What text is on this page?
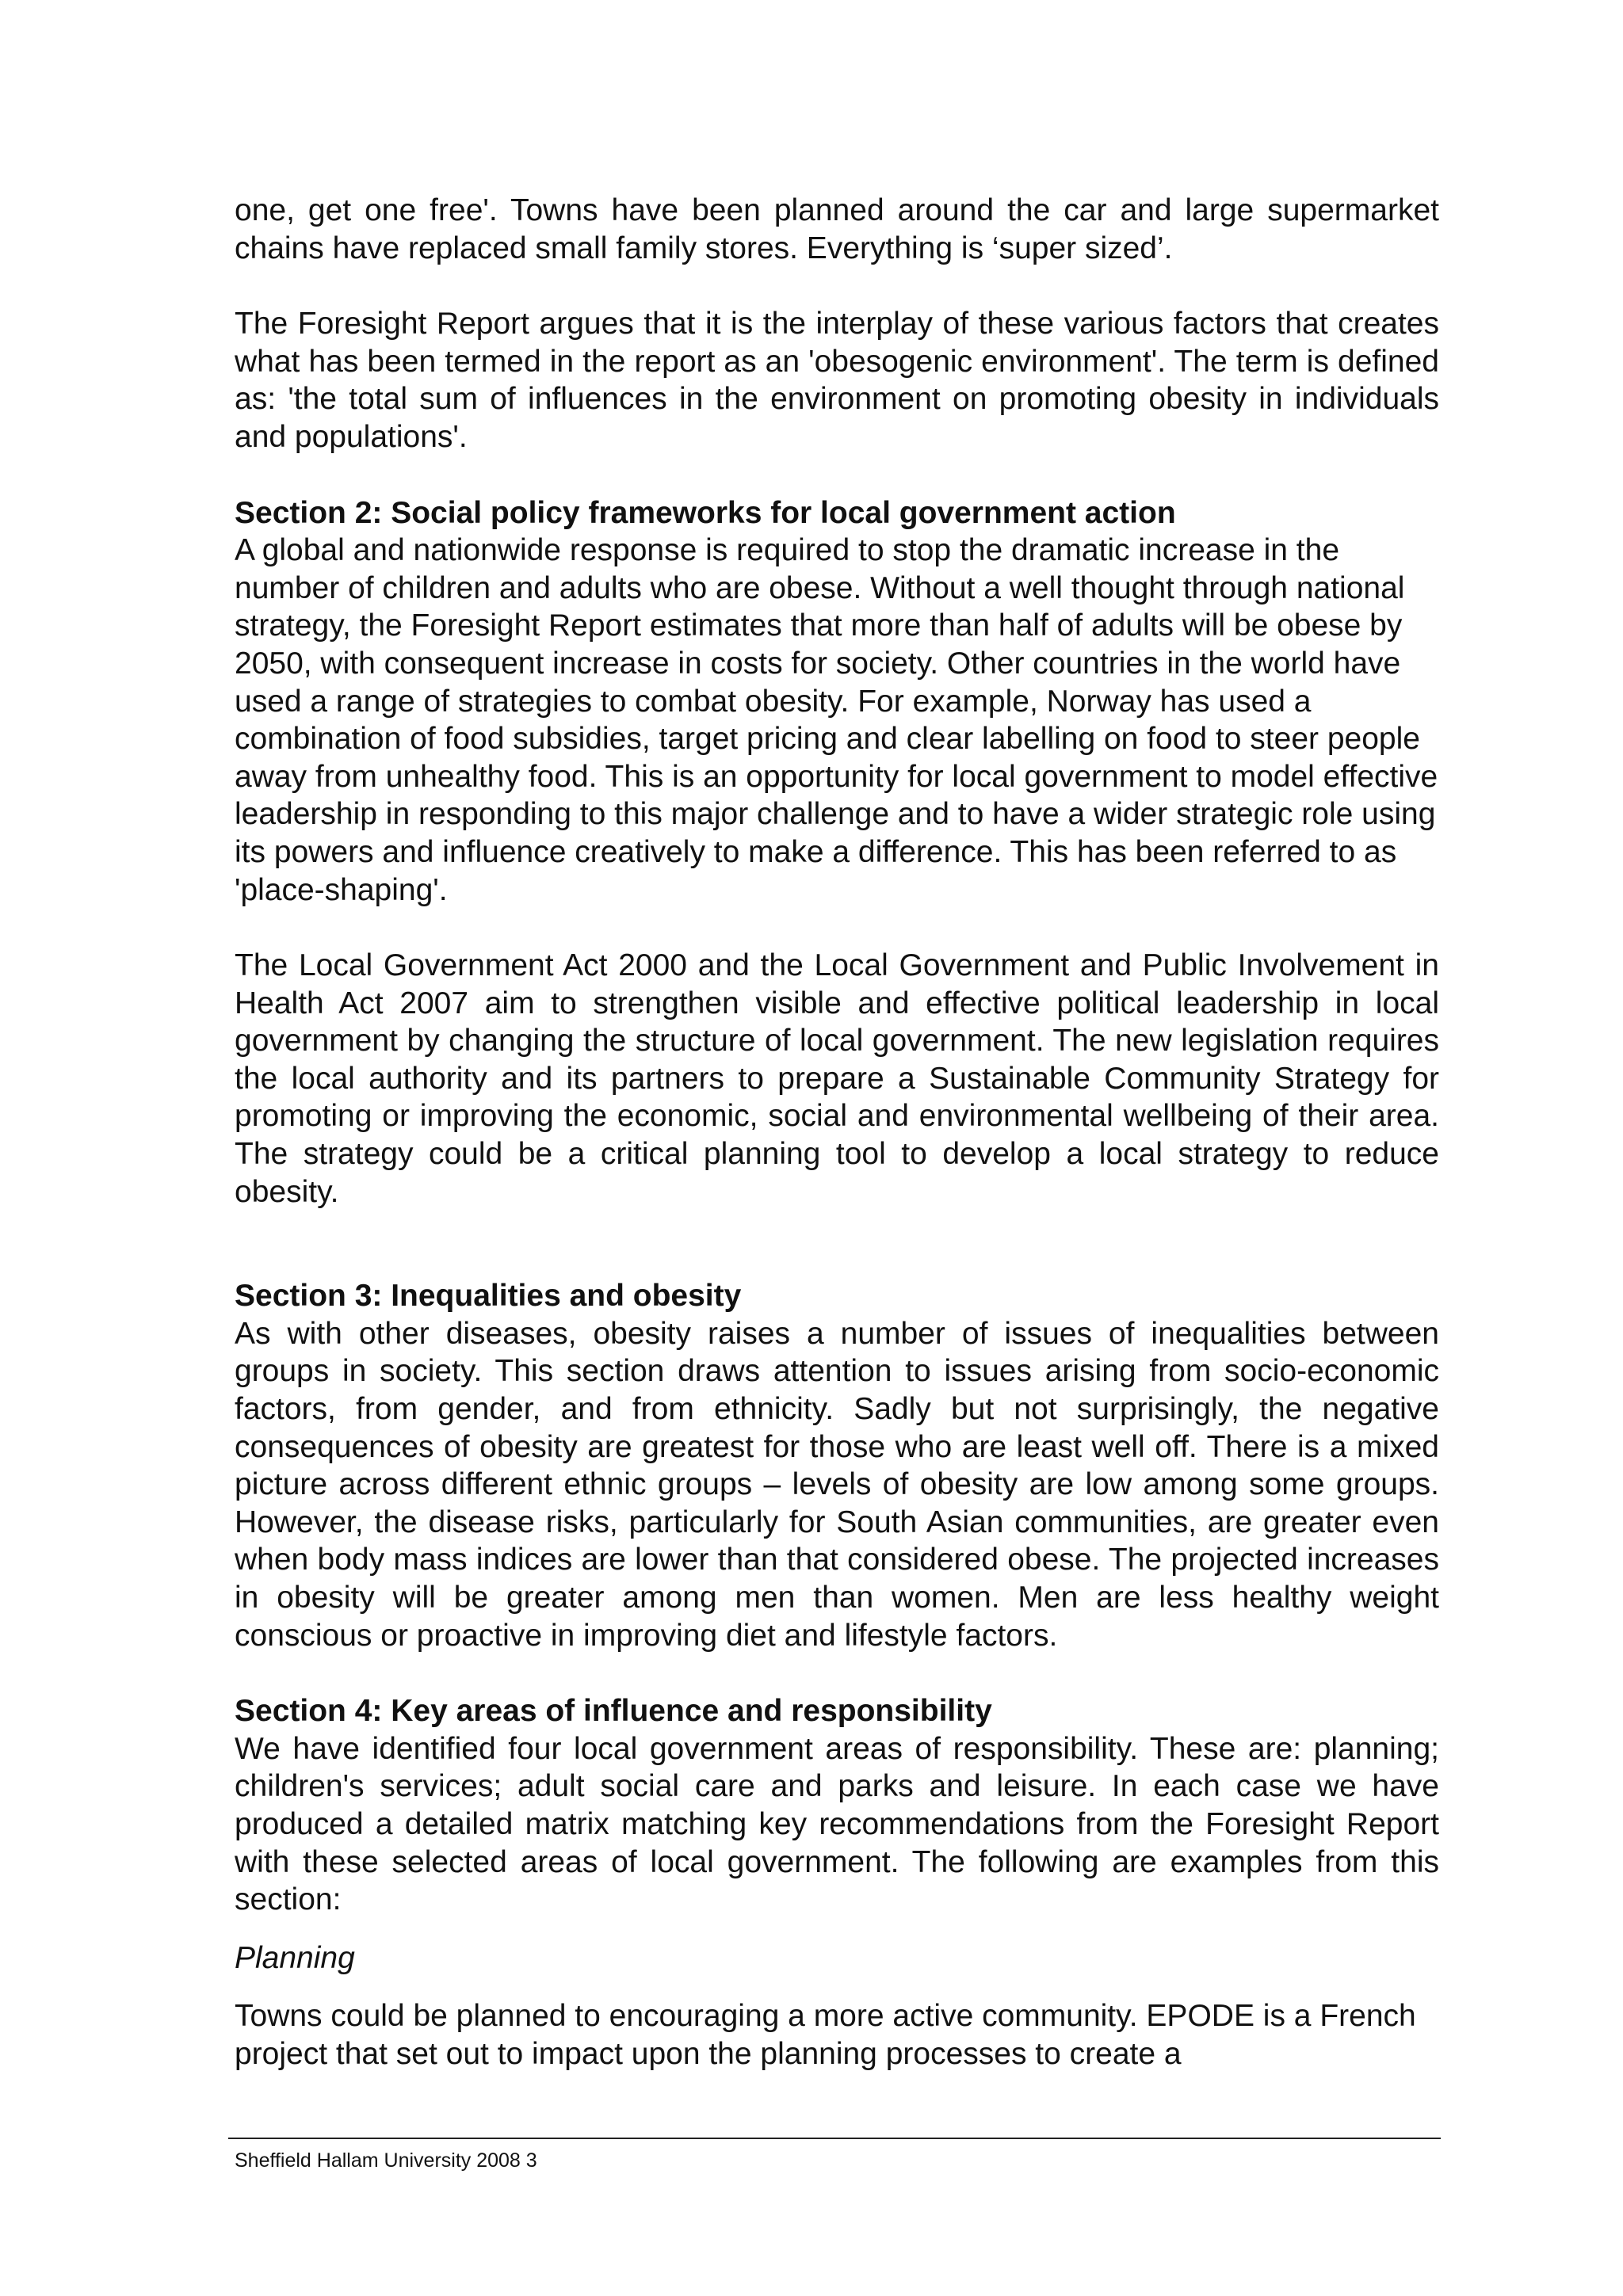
one, get one free'. Towns have been planned around the car and large supermarket chains have replaced small family stores. Everything is ‘super sized’.

The Foresight Report argues that it is the interplay of these various factors that creates what has been termed in the report as an 'obesogenic environment'. The term is defined as: 'the total sum of influences in the environment on promoting obesity in individuals and populations'.

Section 2: Social policy frameworks for local government action

A global and nationwide response is required to stop the dramatic increase in the number of children and adults who are obese. Without a well thought through national strategy, the Foresight Report estimates that more than half of adults will be obese by 2050, with consequent increase in costs for society. Other countries in the world have used a range of strategies to combat obesity. For example, Norway has used a combination of food subsidies, target pricing and clear labelling on food to steer people away from unhealthy food. This is an opportunity for local government to model effective leadership in responding to this major challenge and to have a wider strategic role using its powers and influence creatively to make a difference. This has been referred to as 'place-shaping'.

The Local Government Act 2000 and the Local Government and Public Involvement in Health Act 2007 aim to strengthen visible and effective political leadership in local government by changing the structure of local government. The new legislation requires the local authority and its partners to prepare a Sustainable Community Strategy for promoting or improving the economic, social and environmental wellbeing of their area. The strategy could be a critical planning tool to develop a local strategy to reduce obesity.

Section 3: Inequalities and obesity

As with other diseases, obesity raises a number of issues of inequalities between groups in society. This section draws attention to issues arising from socio-economic factors, from gender, and from ethnicity. Sadly but not surprisingly, the negative consequences of obesity are greatest for those who are least well off. There is a mixed picture across different ethnic groups – levels of obesity are low among some groups. However, the disease risks, particularly for South Asian communities, are greater even when body mass indices are lower than that considered obese. The projected increases in obesity will be greater among men than women. Men are less healthy weight conscious or proactive in improving diet and lifestyle factors.

Section 4: Key areas of influence and responsibility

We have identified four local government areas of responsibility. These are: planning; children's services; adult social care and parks and leisure. In each case we have produced a detailed matrix matching key recommendations from the Foresight Report with these selected areas of local government. The following are examples from this section:

Planning

Towns could be planned to encouraging a more active community. EPODE is a French project that set out to impact upon the planning processes to create a

Sheffield Hallam University 2008 3
